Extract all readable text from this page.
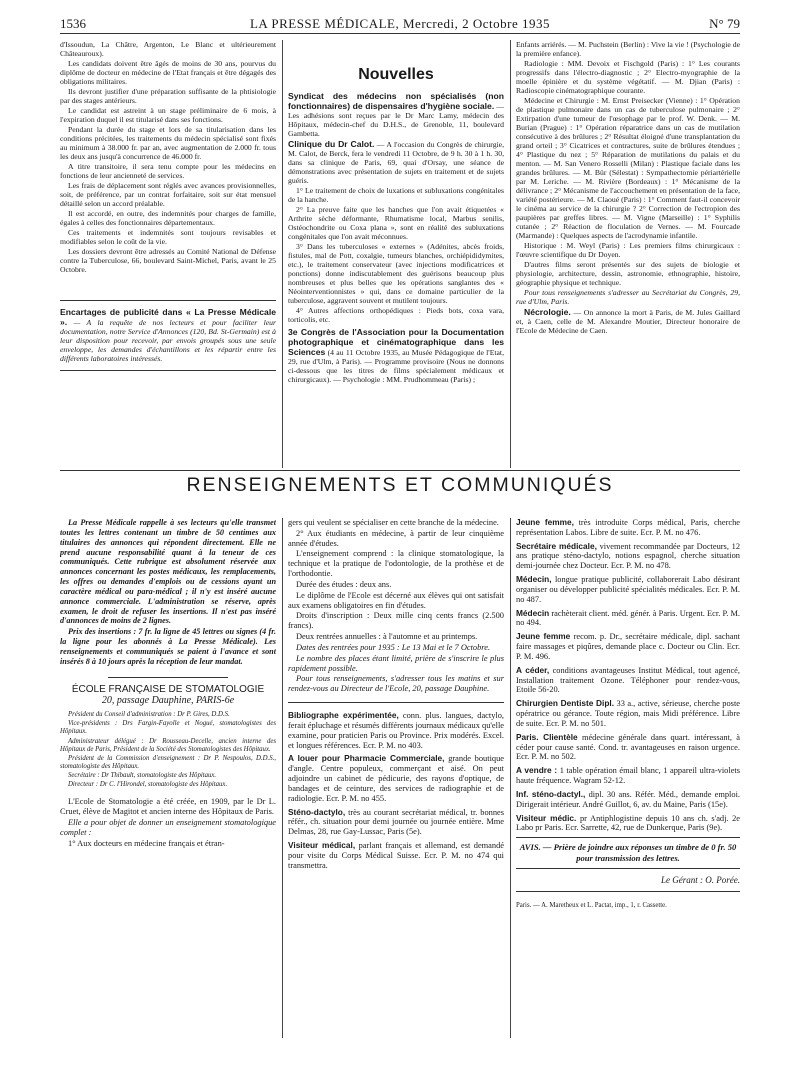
1536	LA PRESSE MÉDICALE, Mercredi, 2 Octobre 1935	N° 79

d'Issoudun, La Châtre, Argenton, Le Blanc et ultérieurement Châteauroux).

Les candidats doivent être âgés de moins de 30 ans, pourvus du diplôme de docteur en médecine de l'Etat français et être dégagés des obligations militaires.

Ils devront justifier d'une préparation suffisante de la phtisiologie par des stages antérieurs.

Le candidat est astreint à un stage préliminaire de 6 mois, à l'expiration duquel il est titularisé dans ses fonctions.

Pendant la durée du stage et lors de sa titularisation dans les conditions précitées, les traitements du médecin spécialisé sont fixés au minimum à 38.000 fr. par an, avec augmentation de 2.000 fr. tous les deux ans jusqu'à concurrence de 46.000 fr.

A titre transitoire, il sera tenu compte pour les médecins en fonctions de leur ancienneté de services.

Les frais de déplacement sont réglés avec avances provisionnelles, soit, de préférence, par un contrat forfaitaire, soit sur état mensuel détaillé selon un accord préalable.

Il est accordé, en outre, des indemnités pour charges de famille, égales à celles des fonctionnaires départementaux.

Ces traitements et indemnités sont toujours revisables et modifiables selon le coût de la vie.

Les dossiers devront être adressés au Comité National de Défense contre la Tuberculose, 66, boulevard Saint-Michel, Paris, avant le 25 Octobre.

Encartages de publicité dans « La Presse Médicale ». — A la requête de nos lecteurs et pour faciliter leur documentation, notre Service d'Annonces (120, Bd. St-Germain) est à leur disposition pour recevoir, par envois groupés sous une seule enveloppe, les demandes d'échantillons et les répartir entre les différents laboratoires intéressés.

Nouvelles

Syndicat des médecins non spécialisés (non fonctionnaires) de dispensaires d'hygiène sociale. — Les adhésions sont reçues par le Dr Marc Lamy, médecin des Hôpitaux, médecin-chef du D.H.S., de Grenoble, 11, boulevard Gambetta.

Clinique du Dr Calot. — A l'occasion du Congrès de chirurgie, M. Calot, de Berck, fera le vendredi 11 Octobre, de 9 h. 30 à 1 h. 30, dans sa clinique de Paris, 69, quai d'Orsay, une séance de démonstrations avec présentation de sujets en traitement et de sujets guéris.

1° Le traitement de choix de luxations et subluxations congénitales de la hanche.

2° La preuve faite que les hanches que l'on avait étiquetées « Arthrite sèche déformante, Rhumatisme local, Marbus senilis, Ostéochondrite ou Coxa plana », sont en réalité des subluxations congénitales que l'on avait méconnues.

3° Dans les tuberculoses « externes » (Adénites, abcès froids, fistules, mal de Pott, coxalgie, tumeurs blanches, orchiépididymites, etc.), le traitement conservateur (avec injections modificatrices et ponctions) donne indiscutablement des guérisons beaucoup plus nombreuses et plus belles que les opérations sanglantes des « Néointerventionnistes » qui, dans ce domaine particulier de la tuberculose, aggravent souvent et mutilent toujours.

4° Autres affections orthopédiques : Pieds bots, coxa vara, torticolis, etc.

3e Congrès de l'Association pour la Documentation photographique et cinématographique dans les Sciences (4 au 11 Octobre 1935, au Musée Pédagogique de l'Etat, 29, rue d'Ulm, à Paris). — Programme provisoire (Nous ne donnons ci-dessous que les titres de films spécialement médicaux et chirurgicaux). — Psychologie : MM. Prudhommeau (Paris) ;

Enfants arriérés. — M. Puchstein (Berlin) : Vive la vie ! (Psychologie de la première enfance).

Radiologie : MM. Devoix et Fischgold (Paris) : 1° Les courants progressifs dans l'électro-diagnostic ; 2° Electro-myographie de la moelle épinière et du système végétatif. — M. Djian (Paris) : Radioscopie cinématographique courante.

Médecine et Chirurgie : M. Ernst Preisecker (Vienne) : 1° Opération de plastique pulmonaire dans un cas de tuberculose pulmonaire ; 2° Extirpation d'une tumeur de l'œsophage par le prof. W. Denk. — M. Burian (Prague) : 1° Opération réparatrice dans un cas de mutilation consécutive à des brûlures ; 2° Résultat éloigné d'une transplantation du grand orteil ; 3° Cicatrices et contractures, suite de brûlures étendues ; 4° Plastique du nez ; 5° Réparation de mutilations du palais et du menton. — M. San Venero Rosselli (Milan) : Plastique faciale dans les grandes brûlures. — M. Bür (Sélestat) : Sympathectomie périartérielle par M. Leriche. — M. Rivière (Bordeaux) : 1° Mécanisme de la délivrance ; 2° Mécanisme de l'accouchement en présentation de la face, variété postérieure. — M. Claoué (Paris) : 1° Comment faut-il concevoir le cinéma au service de la chirurgie ? 2° Correction de l'ectropion des paupières par greffes libres. — M. Vigne (Marseille) : 1° Syphilis cutanée ; 2° Réaction de floculation de Vernes. — M. Fourcade (Marmande) : Quelques aspects de l'acrodynamie infantile.

Historique : M. Weyl (Paris) : Les premiers films chirurgicaux : l'œuvre scientifique du Dr Doyen.

D'autres films seront présentés sur des sujets de biologie et physiologie, architecture, dessin, astronomie, ethnographie, histoire, géographie physique et technique.

Pour tous renseignements s'adresser au Secrétariat du Congrès, 29, rue d'Ulm, Paris.

Nécrologie. — On annonce la mort à Paris, de M. Jules Gaillard et, à Caen, celle de M. Alexandre Moutier, Directeur honoraire de l'Ecole de Médecine de Caen.

RENSEIGNEMENTS ET COMMUNIQUÉS

La Presse Médicale rappelle à ses lecteurs qu'elle transmet toutes les lettres contenant un timbre de 50 centimes aux titulaires des annonces qui répondent directement. Elle ne prend aucune responsabilité quant à la teneur de ces communiqués. Cette rubrique est absolument réservée aux annonces concernant les postes médicaux, les remplacements, les offres ou demandes d'emplois ou de cessions ayant un caractère médical ou para-médical ; il n'y est inséré aucune annonce commerciale. L'administration se réserve, après examen, le droit de refuser les insertions. Il n'est pas inséré d'annonces de moins de 2 lignes.

Prix des insertions : 7 fr. la ligne de 45 lettres ou signes (4 fr. la ligne pour les abonnés à La Presse Médicale). Les renseignements et communiqués se paient à l'avance et sont insérés 8 à 10 jours après la réception de leur mandat.

ÉCOLE FRANÇAISE DE STOMATOLOGIE
20, passage Dauphine, PARIS-6e

Président du Conseil d'administration : Dr P. Gires, D.D.S.

Vice-présidents : Drs Fargin-Fayolle et Nogué, stomatologistes des Hôpitaux.

Administrateur délégué : Dr Rousseau-Decelle, ancien interne des Hôpitaux de Paris, Président de la Société des Stomatologistes des Hôpitaux.

Président de la Commission d'enseignement : Dr P. Nespoulos, D.D.S., stomatologiste des Hôpitaux.

Secrétaire : Dr Thibault, stomatologiste des Hôpitaux.

Directeur : Dr C. l'Hirondel, stomatologiste des Hôpitaux.

L'Ecole de Stomatologie a été créée, en 1909, par le Dr L. Cruet, élève de Magitot et ancien interne des Hôpitaux de Paris.

Elle a pour objet de donner un enseignement stomatologique complet :

1° Aux docteurs en médecine français et étran-

gers qui veulent se spécialiser en cette branche de la médecine.

2° Aux étudiants en médecine, à partir de leur cinquième année d'études.

L'enseignement comprend : la clinique stomatologique, la technique et la pratique de l'odontologie, de la prothèse et de l'orthodontie.

Durée des études : deux ans.

Le diplôme de l'Ecole est décerné aux élèves qui ont satisfait aux examens obligatoires en fin d'études.

Droits d'inscription : Deux mille cinq cents francs (2.500 francs).

Deux rentrées annuelles : à l'automne et au printemps.

Dates des rentrées pour 1935 : Le 13 Mai et le 7 Octobre.

Le nombre des places étant limité, prière de s'inscrire le plus rapidement possible.

Pour tous renseignements, s'adresser tous les matins et sur rendez-vous au Directeur de l'Ecole, 20, passage Dauphine.

Bibliographe expérimentée, conn. plus. langues, dactylo, ferait épluchage et résumés différents journaux médicaux qu'elle examine, pour praticien Paris ou Province. Prix modérés. Excel. et longues références. Ecr. P. M. no 403.

A louer pour Pharmacie Commerciale, grande boutique d'angle. Centre populeux, commerçant et aisé. On peut adjoindre un cabinet de pédicurie, des rayons d'optique, de bandages et de ceinture, des services de radiographie et de radiologie. Ecr. P. M. no 455.

Sténo-dactylo, très au courant secrétariat médical, tr. bonnes référ., ch. situation pour demi journée ou journée entière. Mme Delmas, 28, rue Gay-Lussac, Paris (5e).

Visiteur médical, parlant français et allemand, est demandé pour visite du Corps Médical Suisse. Ecr. P. M. no 474 qui transmettra.

Jeune femme, très introduite Corps médical, Paris, cherche représentation Labos. Libre de suite. Ecr. P. M. no 476.

Secrétaire médicale, vivement recommandée par Docteurs, 12 ans pratique sténo-dactylo, notions espagnol, cherche situation demi-journée chez Docteur. Ecr. P. M. no 478.

Médecin, longue pratique publicité, collaborerait Labo désirant organiser ou développer publicité spécialités médicales. Ecr. P. M. no 487.

Médecin rachèterait client. méd. génér. à Paris. Urgent. Ecr. P. M. no 494.

Jeune femme recom. p. Dr., secrétaire médicale, dipl. sachant faire massages et piqûres, demande place c. Docteur ou Clin. Ecr. P. M. 496.

A céder, conditions avantageuses Institut Médical, tout agencé, Installation traitement Ozone. Téléphoner pour rendez-vous, Etoile 56-20.

Chirurgien Dentiste Dipl. 33 a., active, sérieuse, cherche poste opératrice ou gérance. Toute région, mais Midi préférence. Libre de suite. Ecr. P. M. no 501.

Paris. Clientèle médecine générale dans quart. intéressant, à céder pour cause santé. Cond. tr. avantageuses en raison urgence. Ecr. P. M. no 502.

A vendre : 1 table opération émail blanc, 1 appareil ultra-violets haute fréquence. Wagram 52-12.

Inf. sténo-dactyl., dipl. 30 ans. Référ. Méd., demande emploi. Dirigerait intérieur. André Guillot, 6, av. du Maine, Paris (15e).

Visiteur médic. pr Antiphlogistine depuis 10 ans ch. s'adj. 2e Labo pr Paris. Ecr. Sarrette, 42, rue de Dunkerque, Paris (9e).

AVIS. — Prière de joindre aux réponses un timbre de 0 fr. 50 pour transmission des lettres.
Le Gérant : O. Porée.
Paris. — A. Maretheux et L. Pactat, imp., 1, r. Cassette.
